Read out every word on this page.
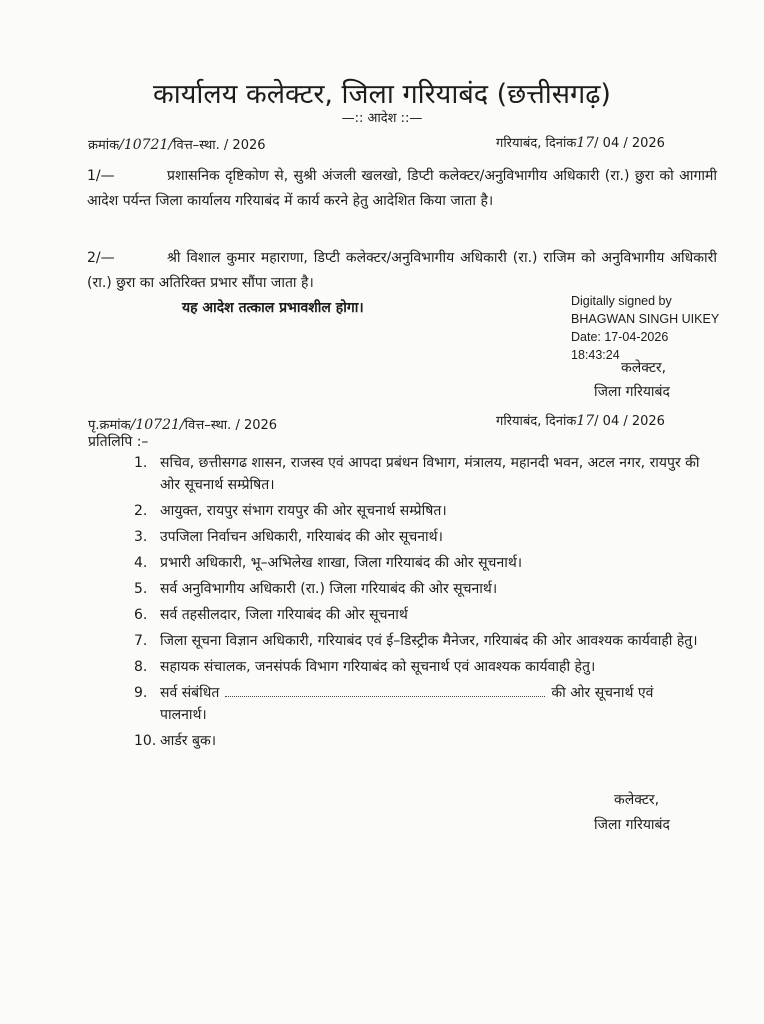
कार्यालय कलेक्टर, जिला गरियाबंद (छत्तीसगढ़)
—:: आदेश ::—
क्रमांक/10721/वित्त–स्था. / 2026	गरियाबंद, दिनांक17/ 04 / 2026
1/—	प्रशासनिक दृष्टिकोण से, सुश्री अंजली खलखो, डिप्टी कलेक्टर/अनुविभागीय अधिकारी (रा.) छुरा को आगामी आदेश पर्यन्त जिला कार्यालय गरियाबंद में कार्य करने हेतु आदेशित किया जाता है।
2/—	श्री विशाल कुमार महाराणा, डिप्टी कलेक्टर/अनुविभागीय अधिकारी (रा.) राजिम को अनुविभागीय अधिकारी (रा.) छुरा का अतिरिक्त प्रभार सौंपा जाता है।
यह आदेश तत्काल प्रभावशील होगा।	Digitally signed by
BHAGWAN SINGH UIKEY
Date: 17-04-2026
18:43:24
कलेक्टर,
जिला गरियाबंद
पृ.क्रमांक/10721/वित्त–स्था. / 2026	गरियाबंद, दिनांक17/ 04 / 2026
प्रतिलिपि :–
1. सचिव, छत्तीसगढ शासन, राजस्व एवं आपदा प्रबंधन विभाग, मंत्रालय, महानदी भवन, अटल नगर, रायपुर की ओर सूचनार्थ सम्प्रेषित।
2. आयुक्त, रायपुर संभाग रायपुर की ओर सूचनार्थ सम्प्रेषित।
3. उपजिला निर्वाचन अधिकारी, गरियाबंद की ओर सूचनार्थ।
4. प्रभारी अधिकारी, भू–अभिलेख शाखा, जिला गरियाबंद की ओर सूचनार्थ।
5. सर्व अनुविभागीय अधिकारी (रा.) जिला गरियाबंद की ओर सूचनार्थ।
6. सर्व तहसीलदार, जिला गरियाबंद की ओर सूचनार्थ
7. जिला सूचना विज्ञान अधिकारी, गरियाबंद एवं ई–डिस्ट्रीक मैनेजर, गरियाबंद की ओर आवश्यक कार्यवाही हेतु।
8. सहायक संचालक, जनसंपर्क विभाग गरियाबंद को सूचनार्थ एवं आवश्यक कार्यवाही हेतु।
9. सर्व संबंधित	की ओर सूचनार्थ एवं पालनार्थ।
10. आर्डर बुक।
कलेक्टर,
जिला गरियाबंद
